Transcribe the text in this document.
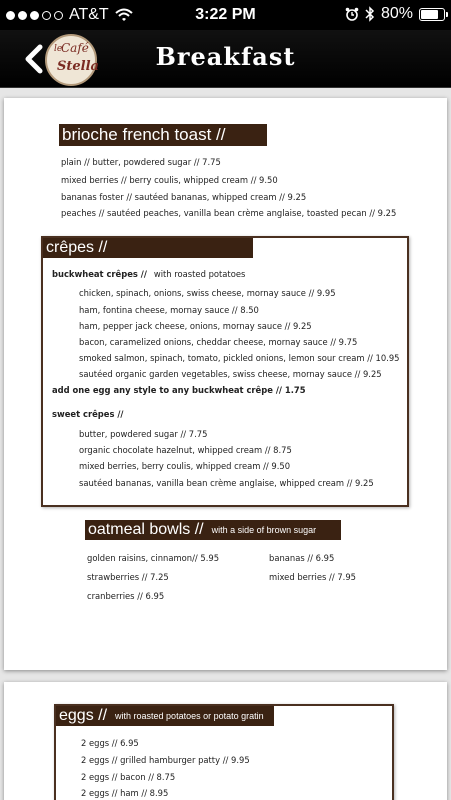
AT&T	3:22 PM	80%
le
Café
Stella	Breakfast
brioche french toast //
plain // butter, powdered sugar // 7.75
mixed berries // berry coulis, whipped cream // 9.50
bananas foster // sautéed bananas, whipped cream // 9.25
peaches // sautéed peaches, vanilla bean crème anglaise, toasted pecan // 9.25
crêpes //
buckwheat crêpes // with roasted potatoes
chicken, spinach, onions, swiss cheese, mornay sauce // 9.95
ham, fontina cheese, mornay sauce // 8.50
ham, pepper jack cheese, onions, mornay sauce // 9.25
bacon, caramelized onions, cheddar cheese, mornay sauce // 9.75
smoked salmon, spinach, tomato, pickled onions, lemon sour cream // 10.95
sautéed organic garden vegetables, swiss cheese, mornay sauce // 9.25
add one egg any style to any buckwheat crêpe // 1.75
sweet crêpes //
butter, powdered sugar // 7.75
organic chocolate hazelnut, whipped cream // 8.75
mixed berries, berry coulis, whipped cream // 9.50
sautéed bananas, vanilla bean crème anglaise, whipped cream // 9.25
oatmeal bowls // with a side of brown sugar
golden raisins, cinnamon// 5.95
strawberries // 7.25
cranberries // 6.95
bananas // 6.95
mixed berries // 7.95
eggs // with roasted potatoes or potato gratin
2 eggs // 6.95
2 eggs // grilled hamburger patty // 9.95
2 eggs // bacon // 8.75
2 eggs // ham // 8.95
